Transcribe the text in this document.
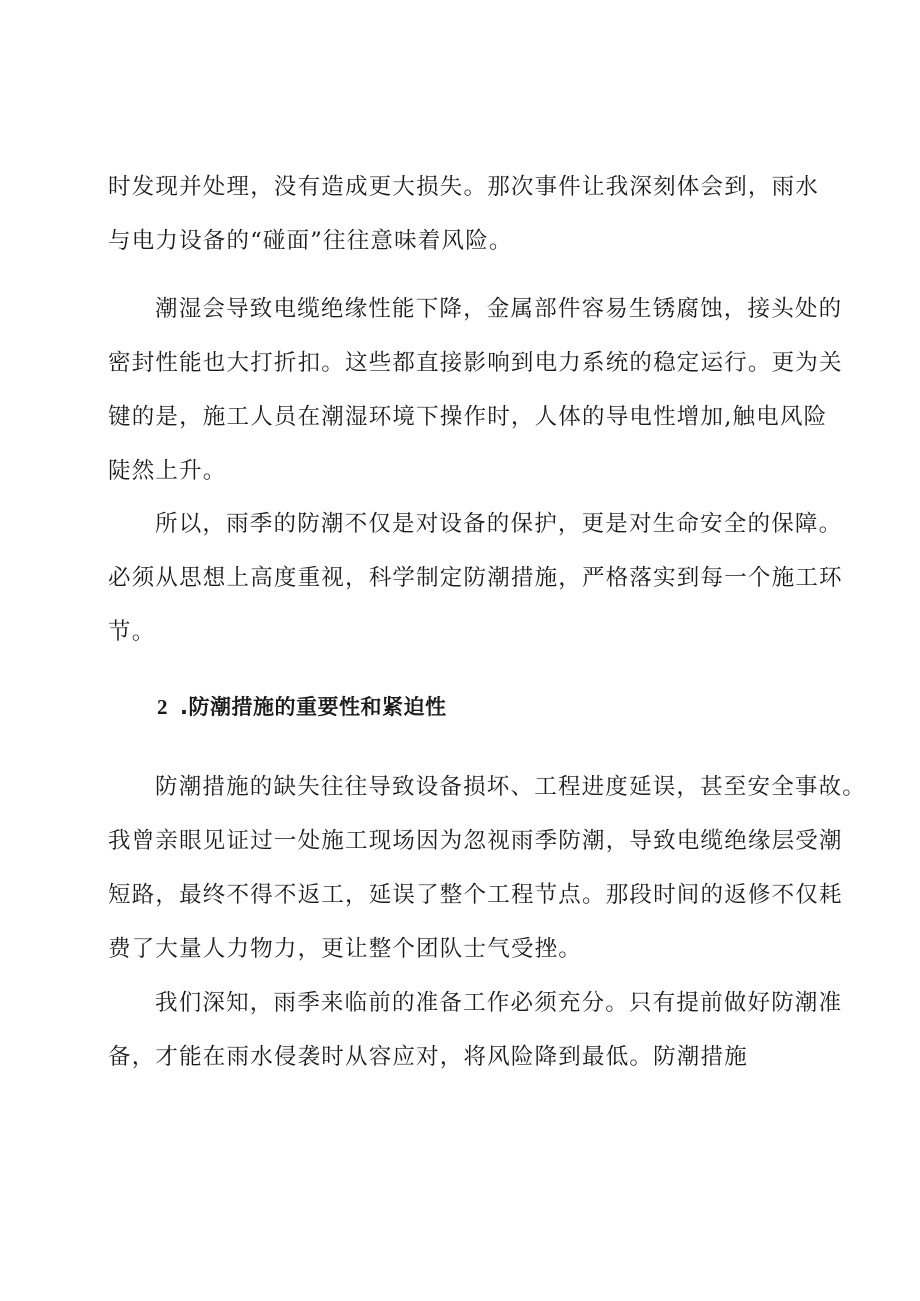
时发现并处理，没有造成更大损失。那次事件让我深刻体会到，雨水
与电力设备的“碰面”往往意味着风险。

潮湿会导致电缆绝缘性能下降，金属部件容易生锈腐蚀，接头处的
密封性能也大打折扣。这些都直接影响到电力系统的稳定运行。更为关
键的是，施工人员在潮湿环境下操作时，人体的导电性增加,触电风险
陡然上升。

所以，雨季的防潮不仅是对设备的保护，更是对生命安全的保障。
必须从思想上高度重视，科学制定防潮措施，严格落实到每一个施工环
节。

2 .防潮措施的重要性和紧迫性

防潮措施的缺失往往导致设备损坏、工程进度延误，甚至安全事故。
我曾亲眼见证过一处施工现场因为忽视雨季防潮，导致电缆绝缘层受潮
短路，最终不得不返工，延误了整个工程节点。那段时间的返修不仅耗
费了大量人力物力，更让整个团队士气受挫。

我们深知，雨季来临前的准备工作必须充分。只有提前做好防潮准
备，才能在雨水侵袭时从容应对，将风险降到最低。防潮措施
